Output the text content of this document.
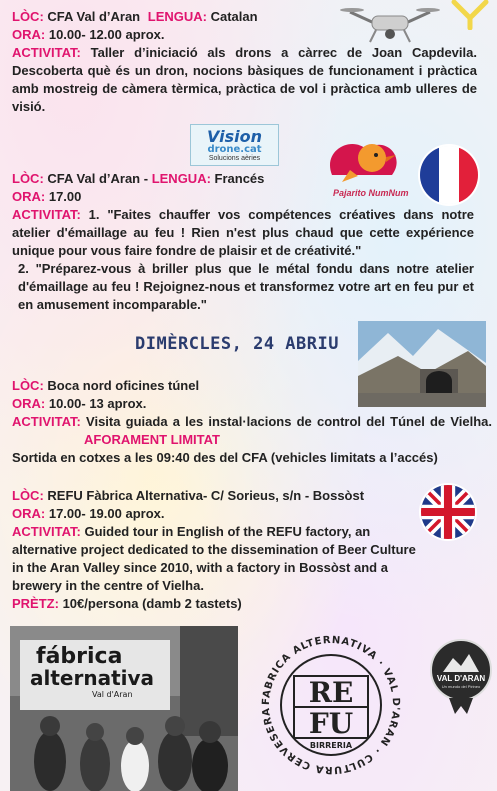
LÒC: CFA Val d’Aran LENGUA: Catalan
ORA: 10.00- 12.00 aprox.
ACTIVITAT: Taller d’iniciació als drons a càrrec de Joan Capdevila. Descoberta què és un dron, nocions bàsiques de funcionament i pràctica amb mostreig de càmera tèrmica, pràctica de vol i pràctica amb ulleres de visió.
Vision
drone.cat
Solucions aèries
Pajarito NumNum
LÒC: CFA Val d’Aran - LENGUA: Francés
ORA: 17.00
ACTIVITAT: 1. "Faites chauffer vos compétences créatives dans notre atelier d'émaillage au feu ! Rien n'est plus chaud que cette expérience unique pour vous faire fondre de plaisir et de créativité."
2. "Préparez-vous à briller plus que le métal fondu dans notre atelier d'émaillage au feu ! Rejoignez-nous et transformez votre art en feu pur et en amusement incomparable."
DIMÈRCLES, 24 ABRIU
LÒC: Boca nord oficines túnel
ORA: 10.00- 13 aprox.
ACTIVITAT: Visita guiada a les instal·lacions de control del Túnel de Vielha. AFORAMENT LIMITAT
Sortida en cotxes a les 09:40 des del CFA (vehicles limitats a l’accés)
LÒC: REFU Fàbrica Alternativa- C/ Sorieus, s/n - Bossòst
ORA: 17.00- 19.00 aprox.
ACTIVITAT: Guided tour in English of the REFU factory, an alternative project dedicated to the dissemination of Beer Culture in the Aran Valley since 2010, with a factory in Bossòst and a brewery in the centre of Vielha.
PRÈTZ: 10€/persona (damb 2 tastets)
fábrica
alternativa
Val d'Aran
FABRICA ALTERNATIVA · VAL D'ARAN · CULTURA CERVESERA
RE
FU
BIRRERIA
VAL D'ARAN
Un mundo del Pirineo
